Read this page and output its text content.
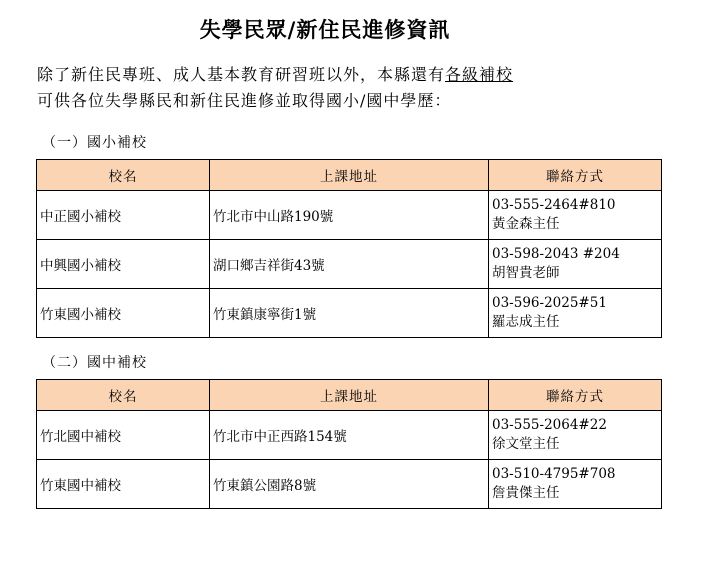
失學民眾/新住民進修資訊
除了新住民專班、成人基本教育研習班以外，本縣還有各級補校
可供各位失學縣民和新住民進修並取得國小/國中學歷：
（一）國小補校
校名	上課地址	聯絡方式
中正國小補校	竹北市中山路190號	03-555-2464#810
黃金森主任

中興國小補校	湖口鄉吉祥街43號	03-598-2043 #204
胡智貴老師

竹東國小補校	竹東鎮康寧街1號	03-596-2025#51
羅志成主任
（二）國中補校
校名	上課地址	聯絡方式
竹北國中補校	竹北市中正西路154號	03-555-2064#22
徐文堂主任

竹東國中補校	竹東鎮公園路8號	03-510-4795#708
詹貴傑主任
